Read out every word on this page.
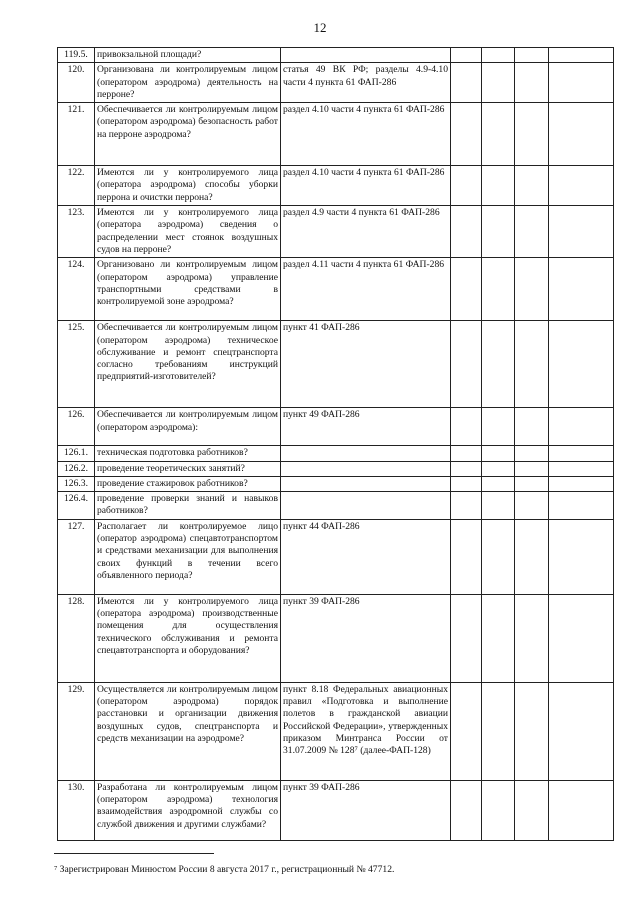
12
119.5.	привокзальной площади?					
120.	Организована ли контролируемым лицом (оператором аэродрома) деятельность на перроне?	статья 49 ВК РФ; разделы 4.9-4.10 части 4 пункта 61 ФАП-286				
121.	Обеспечивается ли контролируемым лицом (оператором аэродрома) безопасность работ на перроне аэродрома?	раздел 4.10 части 4 пункта 61 ФАП-286				
122.	Имеются ли у контролируемого лица (оператора аэродрома) способы уборки перрона и очистки перрона?	раздел 4.10 части 4 пункта 61 ФАП-286				
123.	Имеются ли у контролируемого лица (оператора аэродрома) сведения о распределении мест стоянок воздушных судов на перроне?	раздел 4.9 части 4 пункта 61 ФАП-286				
124.	Организовано ли контролируемым лицом (оператором аэродрома) управление транспортными средствами в контролируемой зоне аэродрома?	раздел 4.11 части 4 пункта 61 ФАП-286				
125.	Обеспечивается ли контролируемым лицом (оператором аэродрома) техническое обслуживание и ремонт спецтранспорта согласно требованиям инструкций предприятий-изготовителей?	пункт 41 ФАП-286				
126.	Обеспечивается ли контролируемым лицом (оператором аэродрома):	пункт 49 ФАП-286				
126.1.	техническая подготовка работников?					
126.2.	проведение теоретических занятий?					
126.3.	проведение стажировок работников?					
126.4.	проведение проверки знаний и навыков работников?					
127.	Располагает ли контролируемое лицо (оператор аэродрома) спецавтотранспортом и средствами механизации для выполнения своих функций в течении всего объявленного периода?	пункт 44 ФАП-286				
128.	Имеются ли у контролируемого лица (оператора аэродрома) производственные помещения для осуществления технического обслуживания и ремонта спецавтотранспорта и оборудования?	пункт 39 ФАП-286				
129.	Осуществляется ли контролируемым лицом (оператором аэродрома) порядок расстановки и организации движения воздушных судов, спецтранспорта и средств механизации на аэродроме?	пункт 8.18 Федеральных авиационных правил «Подготовка и выполнение полетов в гражданской авиации Российской Федерации», утвержденных приказом Минтранса России от 31.07.2009 № 128⁷ (далее-ФАП-128)				
130.	Разработана ли контролируемым лицом (оператором аэродрома) технология взаимодействия аэродромной службы со службой движения и другими службами?	пункт 39 ФАП-286				
$^7$ Зарегистрирован Минюстом России 8 августа 2017 г., регистрационный № 47712.
